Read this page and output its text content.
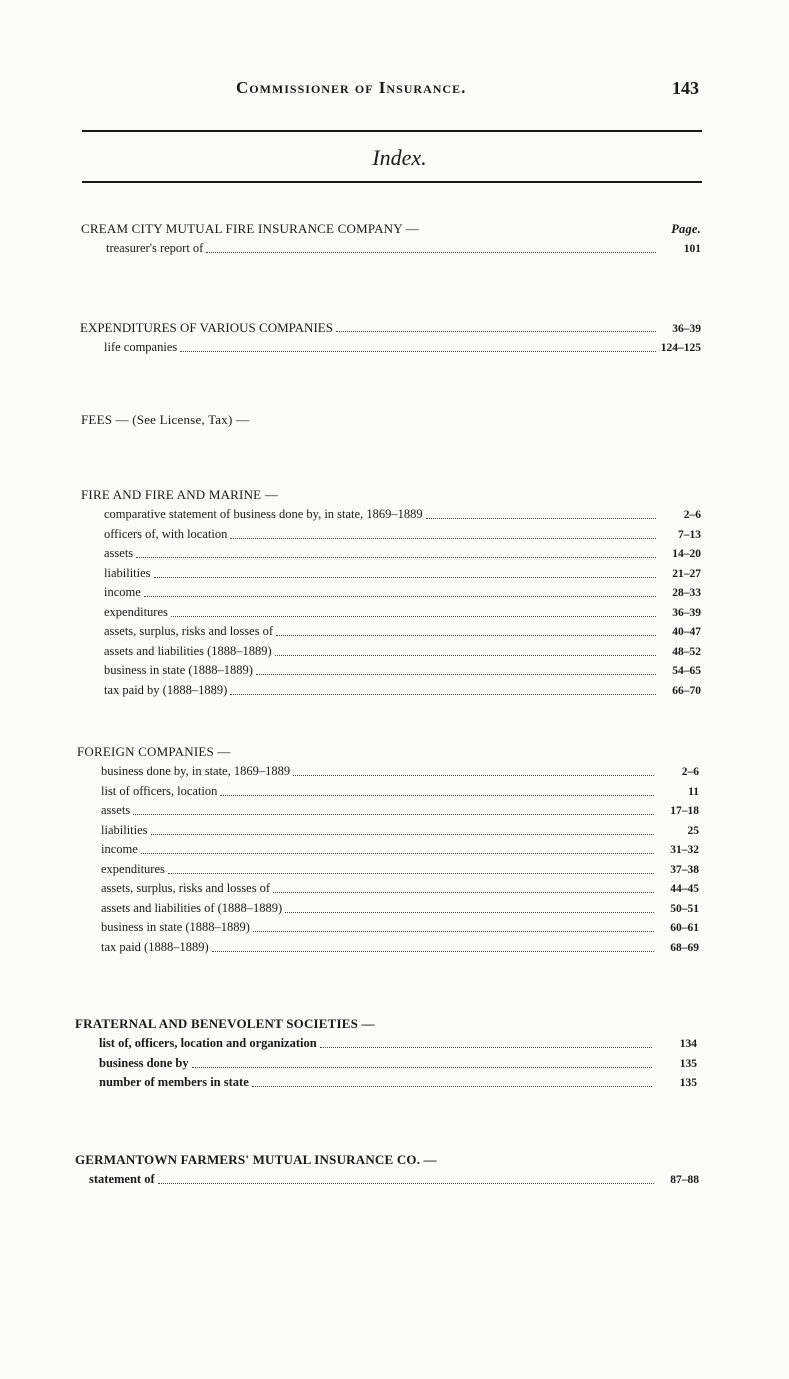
Commissioner of Insurance.	143
Index.
CREAM CITY MUTUAL FIRE INSURANCE COMPANY —	Page.
treasurer's report of	101
EXPENDITURES OF VARIOUS COMPANIES	36–39
life companies	124–125
FEES — (See License, Tax) —
FIRE AND FIRE AND MARINE —
comparative statement of business done by, in state, 1869–1889	2–6
officers of, with location	7–13
assets	14–20
liabilities	21–27
income	28–33
expenditures	36–39
assets, surplus, risks and losses of	40–47
assets and liabilities (1888–1889)	48–52
business in state (1888–1889)	54–65
tax paid by (1888–1889)	66–70
FOREIGN COMPANIES —
business done by, in state, 1869–1889	2–6
list of officers, location	11
assets	17–18
liabilities	25
income	31–32
expenditures	37–38
assets, surplus, risks and losses of	44–45
assets and liabilities of (1888–1889)	50–51
business in state (1888–1889)	60–61
tax paid (1888–1889)	68–69
FRATERNAL AND BENEVOLENT SOCIETIES —
list of, officers, location and organization	134
business done by	135
number of members in state	135
GERMANTOWN FARMERS' MUTUAL INSURANCE CO. —
statement of	87–88
